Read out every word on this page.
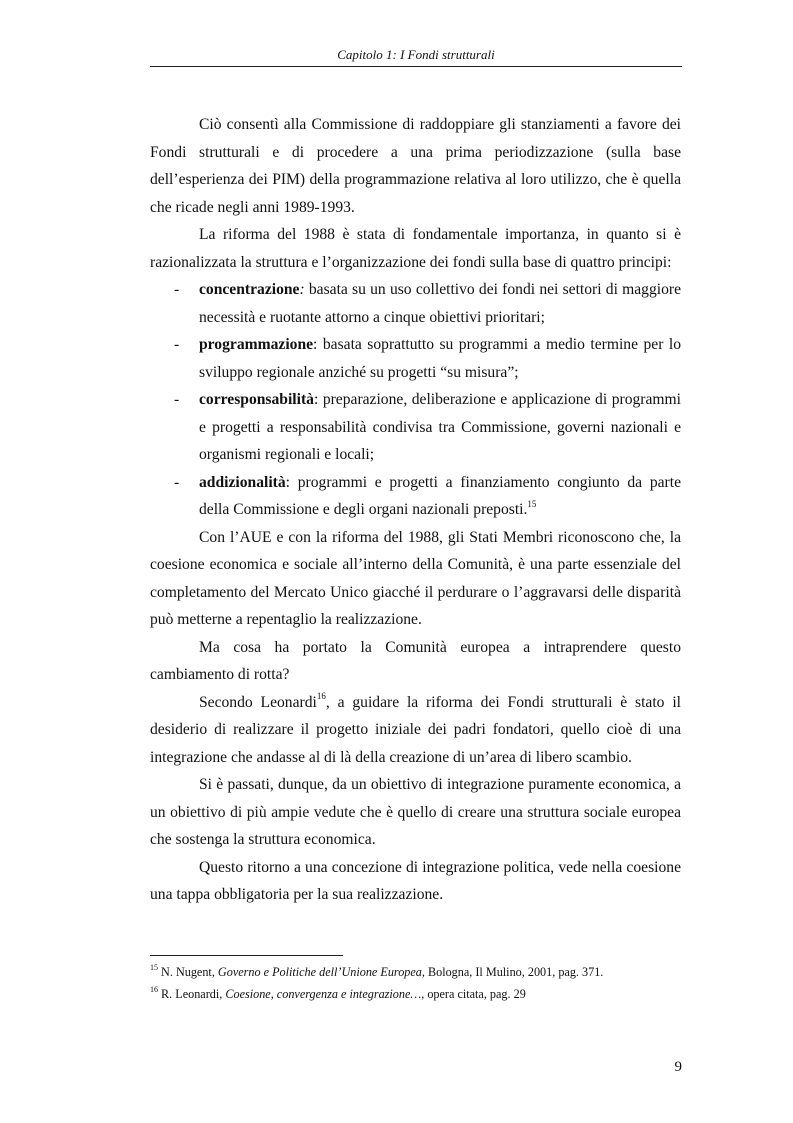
Capitolo 1: I Fondi strutturali

Ciò consentì alla Commissione di raddoppiare gli stanziamenti a favore dei Fondi strutturali e di procedere a una prima periodizzazione (sulla base dell’esperienza dei PIM) della programmazione relativa al loro utilizzo, che è quella che ricade negli anni 1989-1993.

La riforma del 1988 è stata di fondamentale importanza, in quanto si è razionalizzata la struttura e l’organizzazione dei fondi sulla base di quattro principi:

- concentrazione: basata su un uso collettivo dei fondi nei settori di maggiore necessità e ruotante attorno a cinque obiettivi prioritari;
- programmazione: basata soprattutto su programmi a medio termine per lo sviluppo regionale anziché su progetti “su misura”;
- corresponsabilità: preparazione, deliberazione e applicazione di programmi e progetti a responsabilità condivisa tra Commissione, governi nazionali e organismi regionali e locali;
- addizionalità: programmi e progetti a finanziamento congiunto da parte della Commissione e degli organi nazionali preposti.$^{15}$

Con l’AUE e con la riforma del 1988, gli Stati Membri riconoscono che, la coesione economica e sociale all’interno della Comunità, è una parte essenziale del completamento del Mercato Unico giacché il perdurare o l’aggravarsi delle disparità può metterne a repentaglio la realizzazione.

Ma cosa ha portato la Comunità europea a intraprendere questo cambiamento di rotta?

Secondo Leonardi$^{16}$, a guidare la riforma dei Fondi strutturali è stato il desiderio di realizzare il progetto iniziale dei padri fondatori, quello cioè di una integrazione che andasse al di là della creazione di un’area di libero scambio.

Si è passati, dunque, da un obiettivo di integrazione puramente economica, a un obiettivo di più ampie vedute che è quello di creare una struttura sociale europea che sostenga la struttura economica.

Questo ritorno a una concezione di integrazione politica, vede nella coesione una tappa obbligatoria per la sua realizzazione.

$^{15}$ N. Nugent, Governo e Politiche dell’Unione Europea, Bologna, Il Mulino, 2001, pag. 371.
$^{16}$ R. Leonardi, Coesione, convergenza e integrazione…, opera citata, pag. 29
9
